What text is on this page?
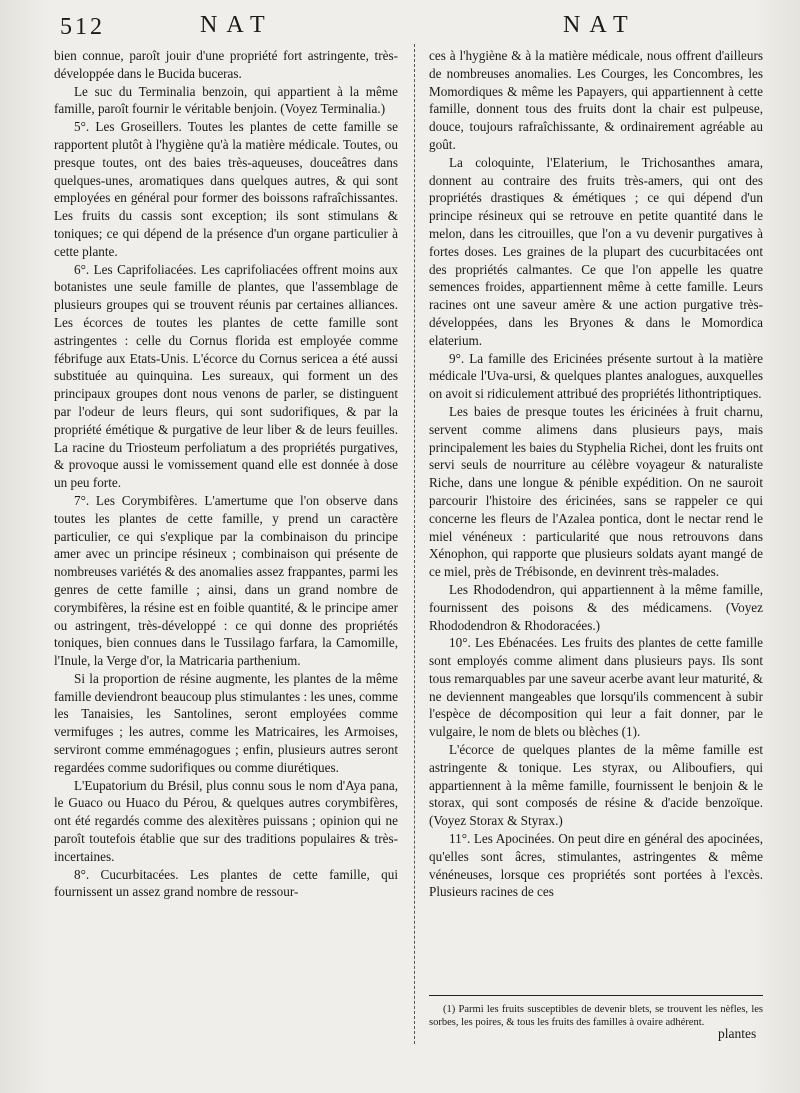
512	NAT	NAT

bien connue, paroît jouir d'une propriété fort astringente, très-développée dans le Bucida buceras.

Le suc du Terminalia benzoin, qui appartient à la même famille, paroît fournir le véritable benjoin. (Voyez Terminalia.)

5°. Les Groseillers. Toutes les plantes de cette famille se rapportent plutôt à l'hygiène qu'à la matière médicale. Toutes, ou presque toutes, ont des baies très-aqueuses, douceâtres dans quelques-unes, aromatiques dans quelques autres, & qui sont employées en général pour former des boissons rafraîchissantes. Les fruits du cassis sont exception; ils sont stimulans & toniques; ce qui dépend de la présence d'un organe particulier à cette plante.

6°. Les Caprifoliacées. Les caprifoliacées offrent moins aux botanistes une seule famille de plantes, que l'assemblage de plusieurs groupes qui se trouvent réunis par certaines alliances. Les écorces de toutes les plantes de cette famille sont astringentes : celle du Cornus florida est employée comme fébrifuge aux Etats-Unis. L'écorce du Cornus sericea a été aussi substituée au quinquina. Les sureaux, qui forment un des principaux groupes dont nous venons de parler, se distinguent par l'odeur de leurs fleurs, qui sont sudorifiques, & par la propriété émétique & purgative de leur liber & de leurs feuilles. La racine du Triosteum perfoliatum a des propriétés purgatives, & provoque aussi le vomissement quand elle est donnée à dose un peu forte.

7°. Les Corymbifères. L'amertume que l'on observe dans toutes les plantes de cette famille, y prend un caractère particulier, ce qui s'explique par la combinaison du principe amer avec un principe résineux ; combinaison qui présente de nombreuses variétés & des anomalies assez frappantes, parmi les genres de cette famille ; ainsi, dans un grand nombre de corymbifères, la résine est en foible quantité, & le principe amer ou astringent, très-développé : ce qui donne des propriétés toniques, bien connues dans le Tussilago farfara, la Camomille, l'Inule, la Verge d'or, la Matricaria parthenium.

Si la proportion de résine augmente, les plantes de la même famille deviendront beaucoup plus stimulantes : les unes, comme les Tanaisies, les Santolines, seront employées comme vermifuges ; les autres, comme les Matricaires, les Armoises, serviront comme emménagogues ; enfin, plusieurs autres seront regardées comme sudorifiques ou comme diurétiques.

L'Eupatorium du Brésil, plus connu sous le nom d'Aya pana, le Guaco ou Huaco du Pérou, & quelques autres corymbifères, ont été regardés comme des alexitères puissans ; opinion qui ne paroît toutefois établie que sur des traditions populaires & très-incertaines.

8°. Cucurbitacées. Les plantes de cette famille, qui fournissent un assez grand nombre de ressour-

ces à l'hygiène & à la matière médicale, nous offrent d'ailleurs de nombreuses anomalies. Les Courges, les Concombres, les Momordiques & même les Papayers, qui appartiennent à cette famille, donnent tous des fruits dont la chair est pulpeuse, douce, toujours rafraîchissante, & ordinairement agréable au goût.

La coloquinte, l'Elaterium, le Trichosanthes amara, donnent au contraire des fruits très-amers, qui ont des propriétés drastiques & émétiques ; ce qui dépend d'un principe résineux qui se retrouve en petite quantité dans le melon, dans les citrouilles, que l'on a vu devenir purgatives à fortes doses. Les graines de la plupart des cucurbitacées ont des propriétés calmantes. Ce que l'on appelle les quatre semences froides, appartiennent même à cette famille. Leurs racines ont une saveur amère & une action purgative très-développées, dans les Bryones & dans le Momordica elaterium.

9°. La famille des Ericinées présente surtout à la matière médicale l'Uva-ursi, & quelques plantes analogues, auxquelles on avoit si ridiculement attribué des propriétés lithontriptiques.

Les baies de presque toutes les éricinées à fruit charnu, servent comme alimens dans plusieurs pays, mais principalement les baies du Styphelia Richei, dont les fruits ont servi seuls de nourriture au célèbre voyageur & naturaliste Riche, dans une longue & pénible expédition. On ne sauroit parcourir l'histoire des éricinées, sans se rappeler ce qui concerne les fleurs de l'Azalea pontica, dont le nectar rend le miel vénéneux : particularité que nous retrouvons dans Xénophon, qui rapporte que plusieurs soldats ayant mangé de ce miel, près de Trébisonde, en devinrent très-malades.

Les Rhododendron, qui appartiennent à la même famille, fournissent des poisons & des médicamens. (Voyez Rhododendron & Rhodoracées.)

10°. Les Ebénacées. Les fruits des plantes de cette famille sont employés comme aliment dans plusieurs pays. Ils sont tous remarquables par une saveur acerbe avant leur maturité, & ne deviennent mangeables que lorsqu'ils commencent à subir l'espèce de décomposition qui leur a fait donner, par le vulgaire, le nom de blets ou blèches (1).

L'écorce de quelques plantes de la même famille est astringente & tonique. Les styrax, ou Aliboufiers, qui appartiennent à la même famille, fournissent le benjoin & le storax, qui sont composés de résine & d'acide benzoïque. (Voyez Storax & Styrax.)

11°. Les Apocinées. On peut dire en général des apocinées, qu'elles sont âcres, stimulantes, astringentes & même vénéneuses, lorsque ces propriétés sont portées à l'excès. Plusieurs racines de ces

(1) Parmi les fruits susceptibles de devenir blets, se trouvent les nèfles, les sorbes, les poires, & tous les fruits des familles à ovaire adhérent.

plantes
